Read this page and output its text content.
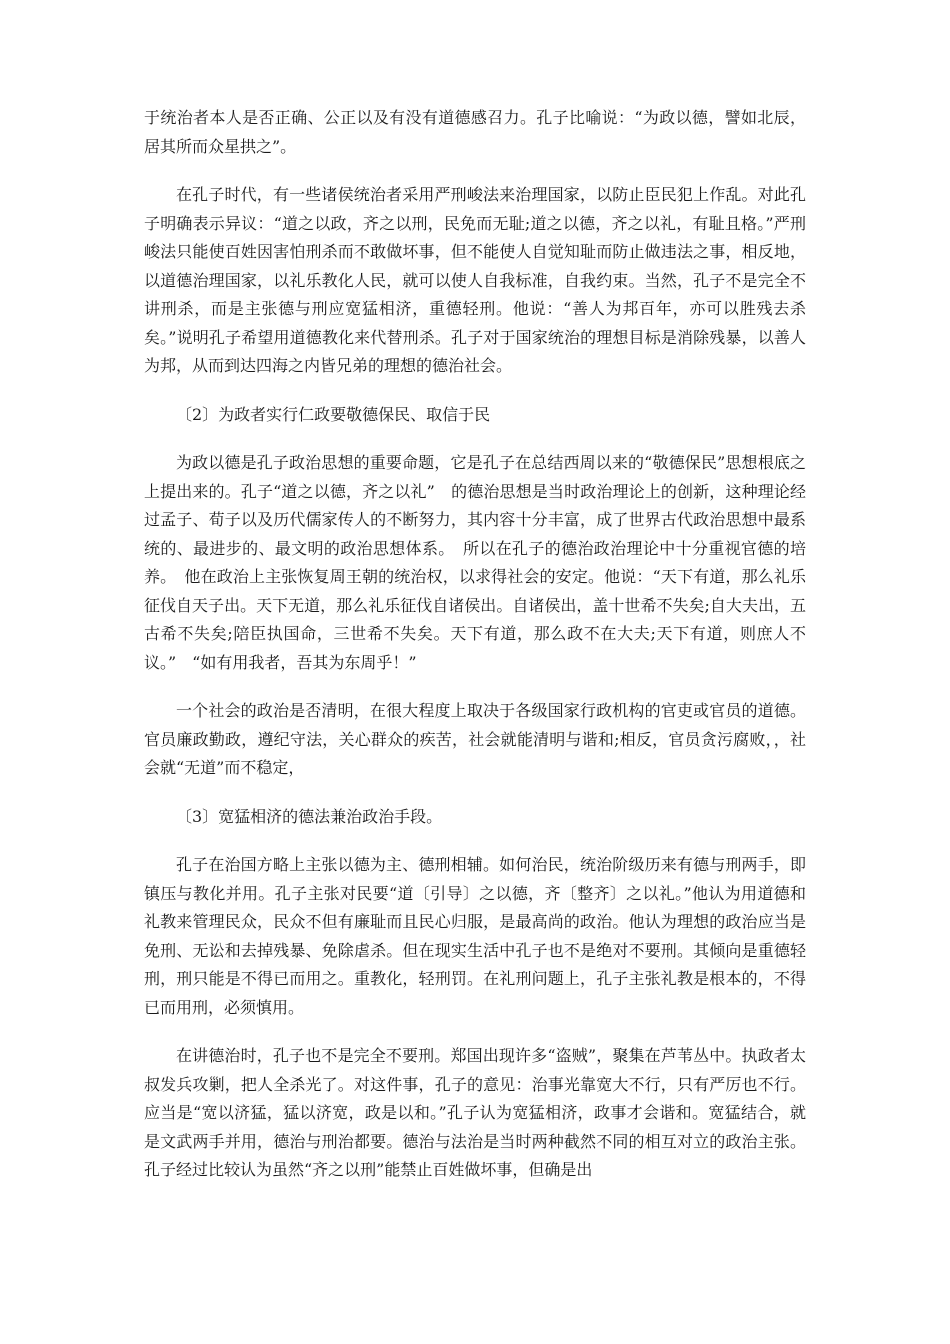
于统治者本人是否正确、公正以及有没有道德感召力。孔子比喻说：“为政以德，譬如北辰，居其所而众星拱之”。

在孔子时代，有一些诸侯统治者采用严刑峻法来治理国家，以防止臣民犯上作乱。对此孔子明确表示异议：“道之以政，齐之以刑，民免而无耻;道之以德，齐之以礼，有耻且格。”严刑峻法只能使百姓因害怕刑杀而不敢做坏事，但不能使人自觉知耻而防止做违法之事，相反地，以道德治理国家，以礼乐教化人民，就可以使人自我标准，自我约束。当然，孔子不是完全不讲刑杀，而是主张德与刑应宽猛相济，重德轻刑。他说：“善人为邦百年，亦可以胜残去杀矣。”说明孔子希望用道德教化来代替刑杀。孔子对于国家统治的理想目标是消除残暴，以善人为邦，从而到达四海之内皆兄弟的理想的德治社会。

〔2〕为政者实行仁政要敬德保民、取信于民

为政以德是孔子政治思想的重要命题，它是孔子在总结西周以来的“敬德保民”思想根底之上提出来的。孔子“道之以德，齐之以礼”　的德治思想是当时政治理论上的创新，这种理论经过孟子、荀子以及历代儒家传人的不断努力，其内容十分丰富，成了世界古代政治思想中最系统的、最进步的、最文明的政治思想体系。　所以在孔子的德治政治理论中十分重视官德的培养。　他在政治上主张恢复周王朝的统治权，以求得社会的安定。他说：“天下有道，那么礼乐征伐自天子出。天下无道，那么礼乐征伐自诸侯出。自诸侯出，盖十世希不失矣;自大夫出，五古希不失矣;陪臣执国命，三世希不失矣。天下有道，那么政不在大夫;天下有道，则庶人不议。”　“如有用我者，吾其为东周乎！”

一个社会的政治是否清明，在很大程度上取决于各级国家行政机构的官吏或官员的道德。官员廉政勤政，遵纪守法，关心群众的疾苦，社会就能清明与谐和;相反，官员贪污腐败，，社会就“无道”而不稳定，

〔3〕宽猛相济的德法兼治政治手段。

孔子在治国方略上主张以德为主、德刑相辅。如何治民，统治阶级历来有德与刑两手，即镇压与教化并用。孔子主张对民要“道〔引导〕之以德，齐〔整齐〕之以礼。”他认为用道德和礼教来管理民众，民众不但有廉耻而且民心归服，是最高尚的政治。他认为理想的政治应当是免刑、无讼和去掉残暴、免除虐杀。但在现实生活中孔子也不是绝对不要刑。其倾向是重德轻刑，刑只能是不得已而用之。重教化，轻刑罚。在礼刑问题上，孔子主张礼教是根本的，不得已而用刑，必须慎用。

在讲德治时，孔子也不是完全不要刑。郑国出现许多“盗贼”，聚集在芦苇丛中。执政者太叔发兵攻剿，把人全杀光了。对这件事，孔子的意见：治事光靠宽大不行，只有严厉也不行。应当是“宽以济猛，猛以济宽，政是以和。”孔子认为宽猛相济，政事才会谐和。宽猛结合，就是文武两手并用，德治与刑治都要。德治与法治是当时两种截然不同的相互对立的政治主张。孔子经过比较认为虽然“齐之以刑”能禁止百姓做坏事，但确是出
